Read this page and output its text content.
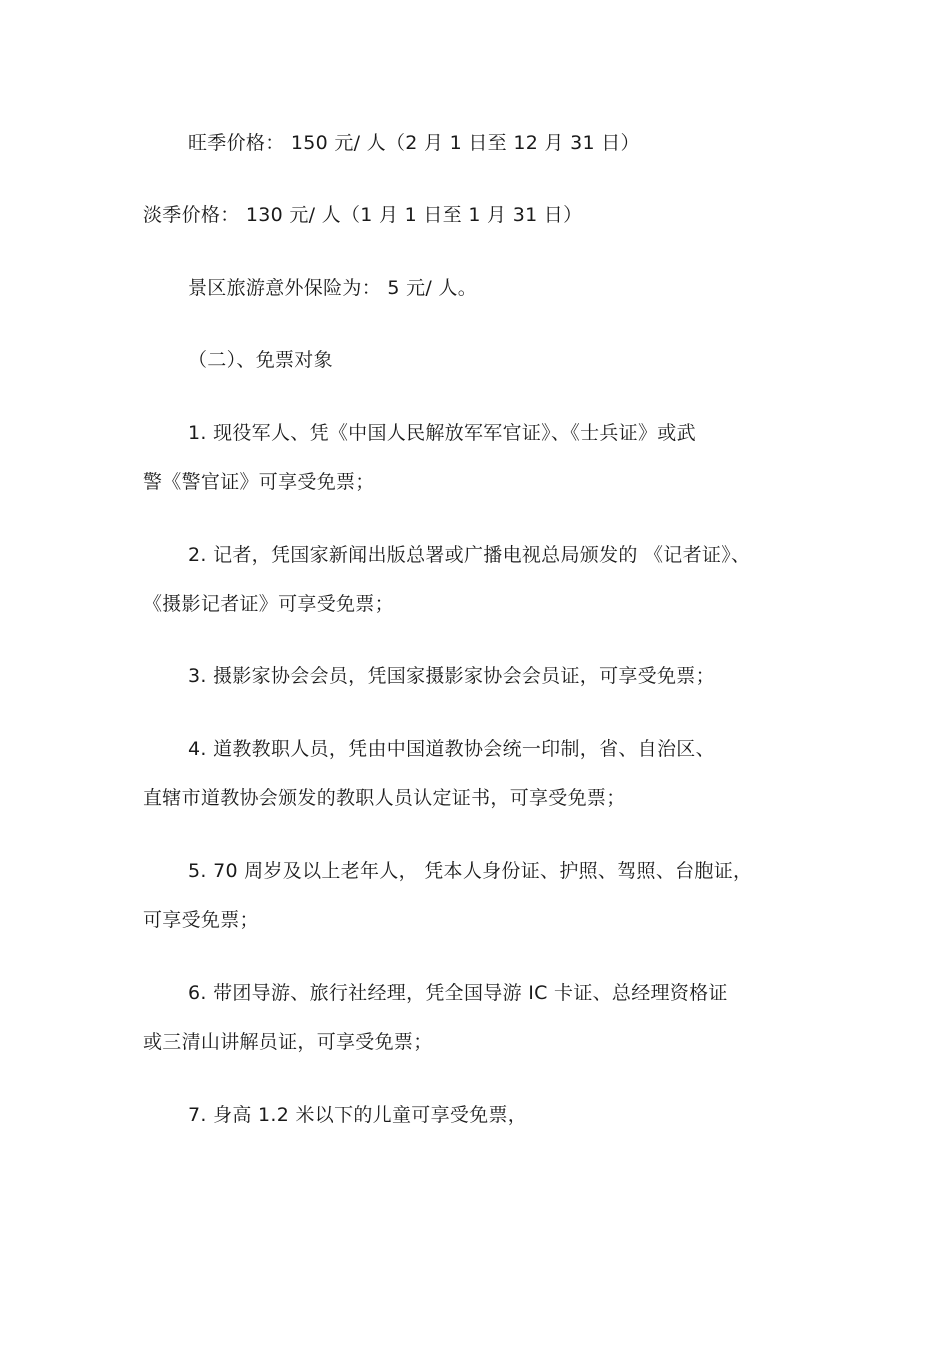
旺季价格： 150 元/ 人（2 月 1 日至 12 月 31 日）
淡季价格： 130 元/ 人（1 月 1 日至 1 月 31 日）
景区旅游意外保险为： 5 元/ 人。
（二）、免票对象
1. 现役军人、凭《中国人民解放军军官证》、《士兵证》或武
警《警官证》可享受免票；
2. 记者，凭国家新闻出版总署或广播电视总局颁发的 《记者证》、
《摄影记者证》可享受免票；
3. 摄影家协会会员，凭国家摄影家协会会员证，可享受免票；
4. 道教教职人员，凭由中国道教协会统一印制，省、自治区、
直辖市道教协会颁发的教职人员认定证书，可享受免票；
5. 70 周岁及以上老年人， 凭本人身份证、护照、驾照、台胞证，
可享受免票；
6. 带团导游、旅行社经理，凭全国导游 IC 卡证、总经理资格证
或三清山讲解员证，可享受免票；
7. 身高 1.2 米以下的儿童可享受免票，
